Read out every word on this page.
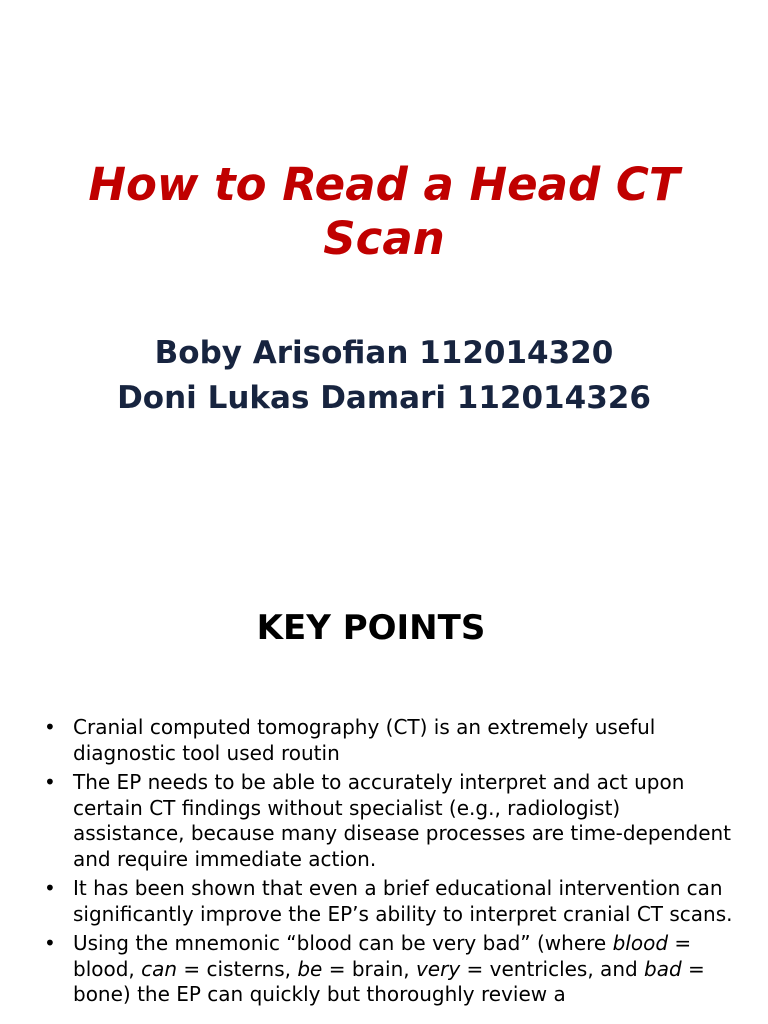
How to Read a Head CT Scan
Boby Arisofian 112014320
Doni Lukas Damari 112014326
KEY POINTS
• Cranial computed tomography (CT) is an extremely useful diagnostic tool used routin
• The EP needs to be able to accurately interpret and act upon certain CT findings without specialist (e.g., radiologist) assistance, because many disease processes are time-dependent and require immediate action.
• It has been shown that even a brief educational intervention can significantly improve the EP’s ability to interpret cranial CT scans.
• Using the mnemonic “blood can be very bad” (where blood = blood, can = cisterns, be = brain, very = ventricles, and bad = bone) the EP can quickly but thoroughly review a
